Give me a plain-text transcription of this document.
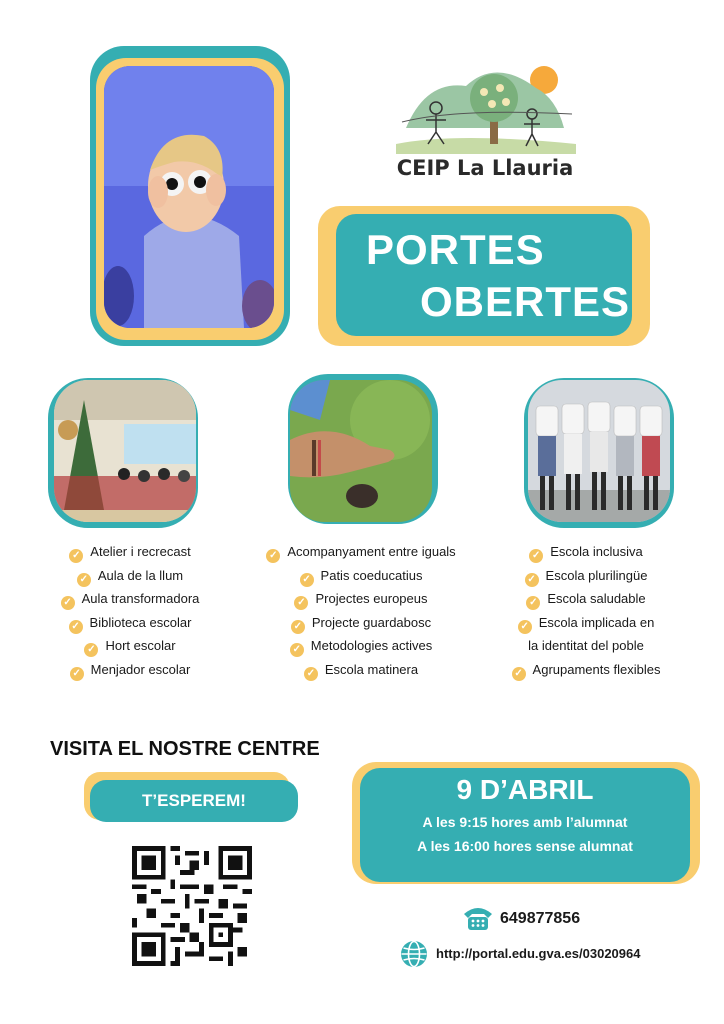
CEIP La Llauria
PORTES
OBERTES
✓ Atelier i recrecast
✓ Aula de la llum
✓ Aula transformadora
✓ Biblioteca escolar
✓ Hort escolar
✓ Menjador escolar
✓ Acompanyament entre iguals
✓ Patis coeducatius
✓ Projectes europeus
✓ Projecte guardabosc
✓ Metodologies actives
✓ Escola matinera
✓ Escola inclusiva
✓ Escola plurilingüe
✓ Escola saludable
✓ Escola implicada en
la identitat del poble
✓ Agrupaments flexibles
VISITA EL NOSTRE CENTRE
T’ESPEREM!	9 D’ABRIL
A les 9:15 hores amb l’alumnat
A les 16:00 hores sense alumnat
649877856
http://portal.edu.gva.es/03020964
